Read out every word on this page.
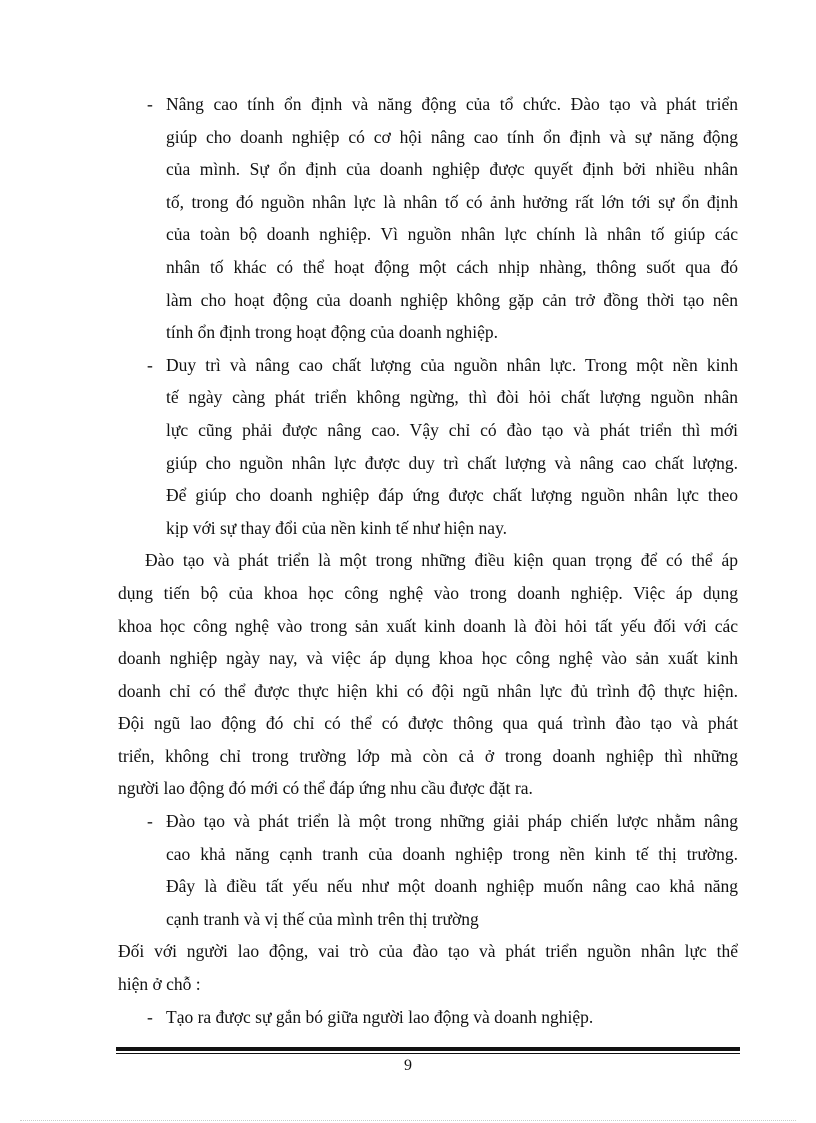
- Nâng cao tính ổn định và năng động của tổ chức. Đào tạo và phát triển
giúp cho doanh nghiệp có cơ hội nâng cao tính ổn định và sự năng động
của mình. Sự ổn định của doanh nghiệp được quyết định bởi nhiều nhân
tố, trong đó nguồn nhân lực là nhân tố có ảnh hưởng rất lớn tới sự ổn định
của toàn bộ doanh nghiệp. Vì nguồn nhân lực chính là nhân tố giúp các
nhân tố khác có thể hoạt động một cách nhịp nhàng, thông suốt qua đó
làm cho hoạt động của doanh nghiệp không gặp cản trở đồng thời tạo nên
tính ổn định trong hoạt động của doanh nghiệp.
- Duy trì và nâng cao chất lượng của nguồn nhân lực. Trong một nền kinh
tế ngày càng phát triển không ngừng, thì đòi hỏi chất lượng nguồn nhân
lực cũng phải được nâng cao. Vậy chỉ có đào tạo và phát triển thì mới
giúp cho nguồn nhân lực được duy trì chất lượng và nâng cao chất lượng.
Để giúp cho doanh nghiệp đáp ứng được chất lượng nguồn nhân lực theo
kịp với sự thay đổi của nền kinh tế như hiện nay.
Đào tạo và phát triển là một trong những điều kiện quan trọng để có thể áp
dụng tiến bộ của khoa học công nghệ vào trong doanh nghiệp. Việc áp dụng
khoa học công nghệ vào trong sản xuất kinh doanh là đòi hỏi tất yếu đối với các
doanh nghiệp ngày nay, và việc áp dụng khoa học công nghệ vào sản xuất kinh
doanh chỉ có thể được thực hiện khi có đội ngũ nhân lực đủ trình độ thực hiện.
Đội ngũ lao động đó chỉ có thể có được thông qua quá trình đào tạo và phát
triển, không chỉ trong trường lớp mà còn cả ở trong doanh nghiệp thì những
người lao động đó mới có thể đáp ứng nhu cầu được đặt ra.
- Đào tạo và phát triển là một trong những giải pháp chiến lược nhằm nâng
cao khả năng cạnh tranh của doanh nghiệp trong nền kinh tế thị trường.
Đây là điều tất yếu nếu như một doanh nghiệp muốn nâng cao khả năng
cạnh tranh và vị thế của mình trên thị trường
Đối với người lao động, vai trò của đào tạo và phát triển nguồn nhân lực thể
hiện ở chỗ :
- Tạo ra được sự gắn bó giữa người lao động và doanh nghiệp.
9
